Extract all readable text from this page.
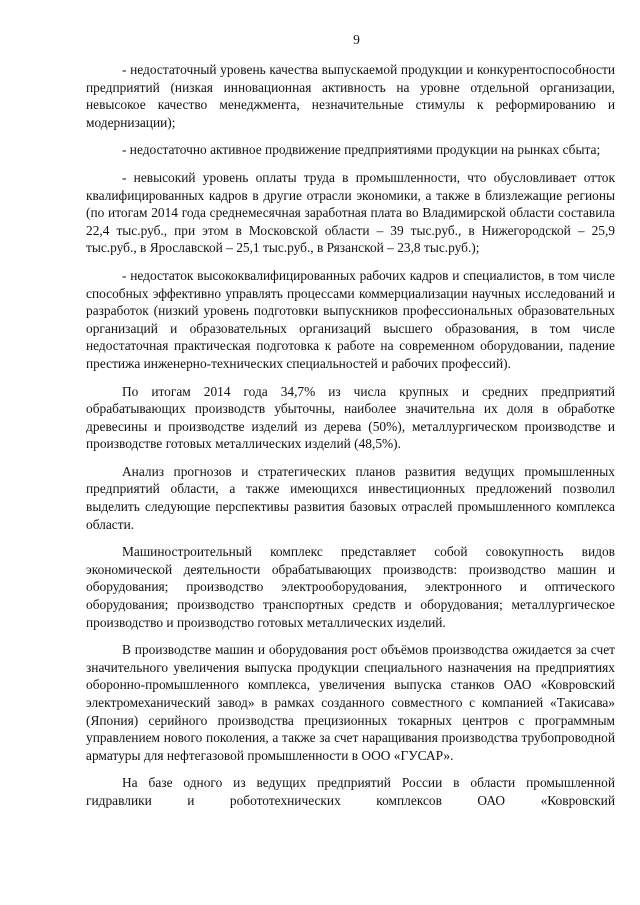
9

- недостаточный уровень качества выпускаемой продукции и конкурентоспособности предприятий (низкая инновационная активность на уровне отдельной организации, невысокое качество менеджмента, незначительные стимулы к реформированию и модернизации);

- недостаточно активное продвижение предприятиями продукции на рынках сбыта;

- невысокий уровень оплаты труда в промышленности, что обусловливает отток квалифицированных кадров в другие отрасли экономики, а также в близлежащие регионы (по итогам 2014 года среднемесячная заработная плата во Владимирской области составила 22,4 тыс.руб., при этом в Московской области – 39 тыс.руб., в Нижегородской – 25,9 тыс.руб., в Ярославской – 25,1 тыс.руб., в Рязанской – 23,8 тыс.руб.);

- недостаток высококвалифицированных рабочих кадров и специалистов, в том числе способных эффективно управлять процессами коммерциализации научных исследований и разработок (низкий уровень подготовки выпускников профессиональных образовательных организаций и образовательных организаций высшего образования, в том числе недостаточная практическая подготовка к работе на современном оборудовании, падение престижа инженерно-технических специальностей и рабочих профессий).

По итогам 2014 года 34,7% из числа крупных и средних предприятий обрабатывающих производств убыточны, наиболее значительна их доля в обработке древесины и производстве изделий из дерева (50%), металлургическом производстве и производстве готовых металлических изделий (48,5%).

Анализ прогнозов и стратегических планов развития ведущих промышленных предприятий области, а также имеющихся инвестиционных предложений позволил выделить следующие перспективы развития базовых отраслей промышленного комплекса области.

Машиностроительный комплекс представляет собой совокупность видов экономической деятельности обрабатывающих производств: производство машин и оборудования; производство электрооборудования, электронного и оптического оборудования; производство транспортных средств и оборудования; металлургическое производство и производство готовых металлических изделий.

В производстве машин и оборудования рост объёмов производства ожидается за счет значительного увеличения выпуска продукции специального назначения на предприятиях оборонно-промышленного комплекса, увеличения выпуска станков ОАО «Ковровский электромеханический завод» в рамках созданного совместного с компанией «Такисава» (Япония) серийного производства прецизионных токарных центров с программным управлением нового поколения, а также за счет наращивания производства трубопроводной арматуры для нефтегазовой промышленности в ООО «ГУСАР».

На базе одного из ведущих предприятий России в области промышленной гидравлики и робототехнических комплексов ОАО «Ковровский
